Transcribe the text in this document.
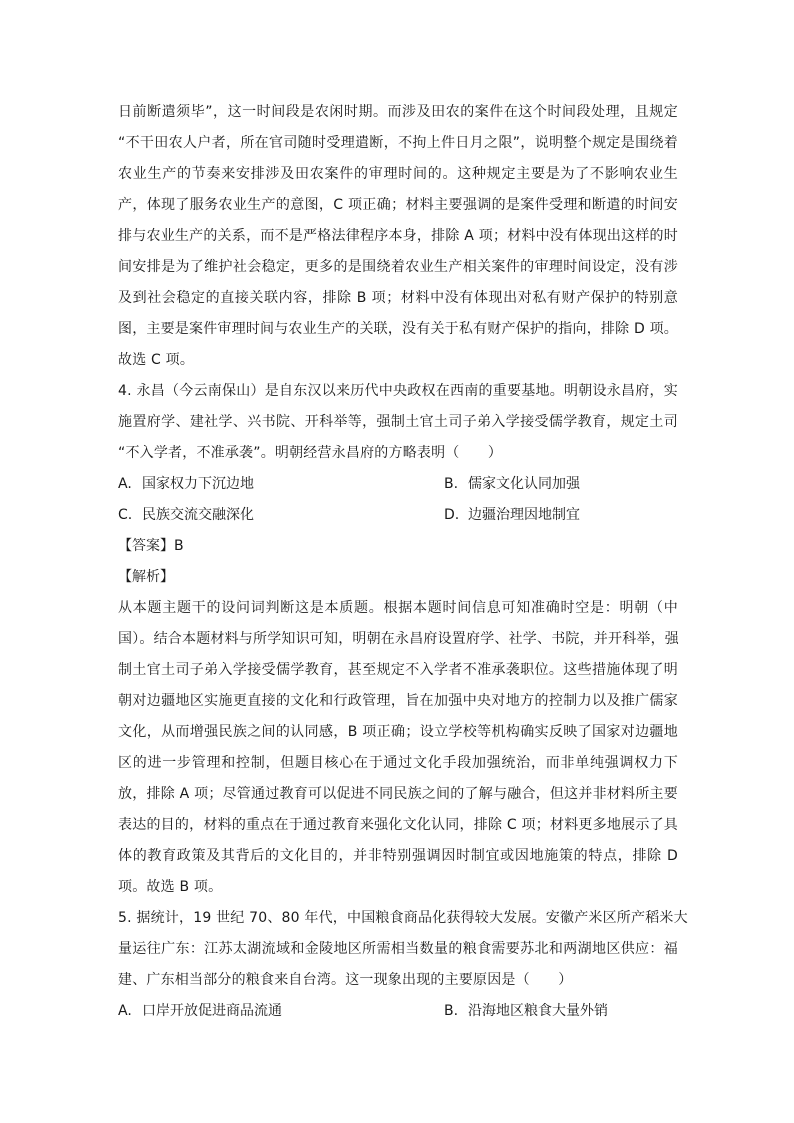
日前断遣须毕”，这一时间段是农闲时期。而涉及田农的案件在这个时间段处理，且规定

“不干田农人户者，所在官司随时受理遣断，不拘上件日月之限”，说明整个规定是围绕着

农业生产的节奏来安排涉及田农案件的审理时间的。这种规定主要是为了不影响农业生

产，体现了服务农业生产的意图，C 项正确；材料主要强调的是案件受理和断遣的时间安

排与农业生产的关系，而不是严格法律程序本身，排除 A 项；材料中没有体现出这样的时

间安排是为了维护社会稳定，更多的是围绕着农业生产相关案件的审理时间设定，没有涉

及到社会稳定的直接关联内容，排除 B 项；材料中没有体现出对私有财产保护的特别意

图，主要是案件审理时间与农业生产的关联，没有关于私有财产保护的指向，排除 D 项。

故选 C 项。

4. 永昌（今云南保山）是自东汉以来历代中央政权在西南的重要基地。明朝设永昌府，实

施置府学、建社学、兴书院、开科举等，强制土官土司子弟入学接受儒学教育，规定土司

“不入学者，不准承袭”。明朝经营永昌府的方略表明（　　）

A. 国家权力下沉边地	B. 儒家文化认同加强
C. 民族交流交融深化	D. 边疆治理因地制宜

【答案】B

【解析】

从本题主题干的设问词判断这是本质题。根据本题时间信息可知准确时空是：明朝（中

国）。结合本题材料与所学知识可知，明朝在永昌府设置府学、社学、书院，并开科举，强

制土官土司子弟入学接受儒学教育，甚至规定不入学者不准承袭职位。这些措施体现了明

朝对边疆地区实施更直接的文化和行政管理，旨在加强中央对地方的控制力以及推广儒家

文化，从而增强民族之间的认同感，B 项正确；设立学校等机构确实反映了国家对边疆地

区的进一步管理和控制，但题目核心在于通过文化手段加强统治，而非单纯强调权力下

放，排除 A 项；尽管通过教育可以促进不同民族之间的了解与融合，但这并非材料所主要

表达的目的，材料的重点在于通过教育来强化文化认同，排除 C 项；材料更多地展示了具

体的教育政策及其背后的文化目的，并非特别强调因时制宜或因地施策的特点，排除 D

项。故选 B 项。

5. 据统计，19 世纪 70、80 年代，中国粮食商品化获得较大发展。安徽产米区所产稻米大

量运往广东：江苏太湖流域和金陵地区所需相当数量的粮食需要苏北和两湖地区供应：福

建、广东相当部分的粮食来自台湾。这一现象出现的主要原因是（　　）

A. 口岸开放促进商品流通	B. 沿海地区粮食大量外销
